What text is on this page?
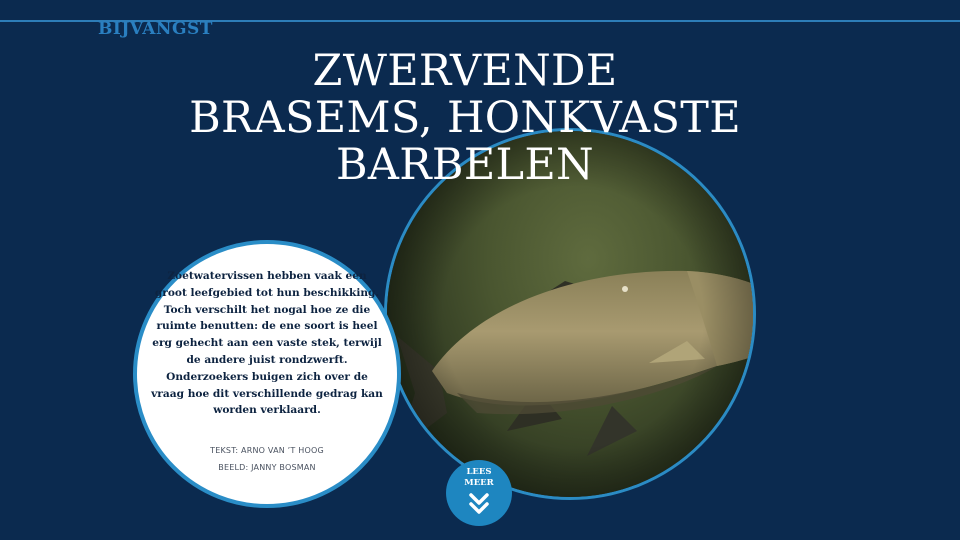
BIJVANGST
ZWERVENDE
BRASEMS, HONKVASTE
BARBELEN
Zoetwatervissen hebben vaak een groot leefgebied tot hun beschikking. Toch verschilt het nogal hoe ze die ruimte benutten: de ene soort is heel erg gehecht aan een vaste stek, terwijl de andere juist rondzwerft. Onderzoekers buigen zich over de vraag hoe dit verschillende gedrag kan worden verklaard.
TEKST: ARNO VAN ’T HOOG
BEELD: JANNY BOSMAN	LEES
MEER
